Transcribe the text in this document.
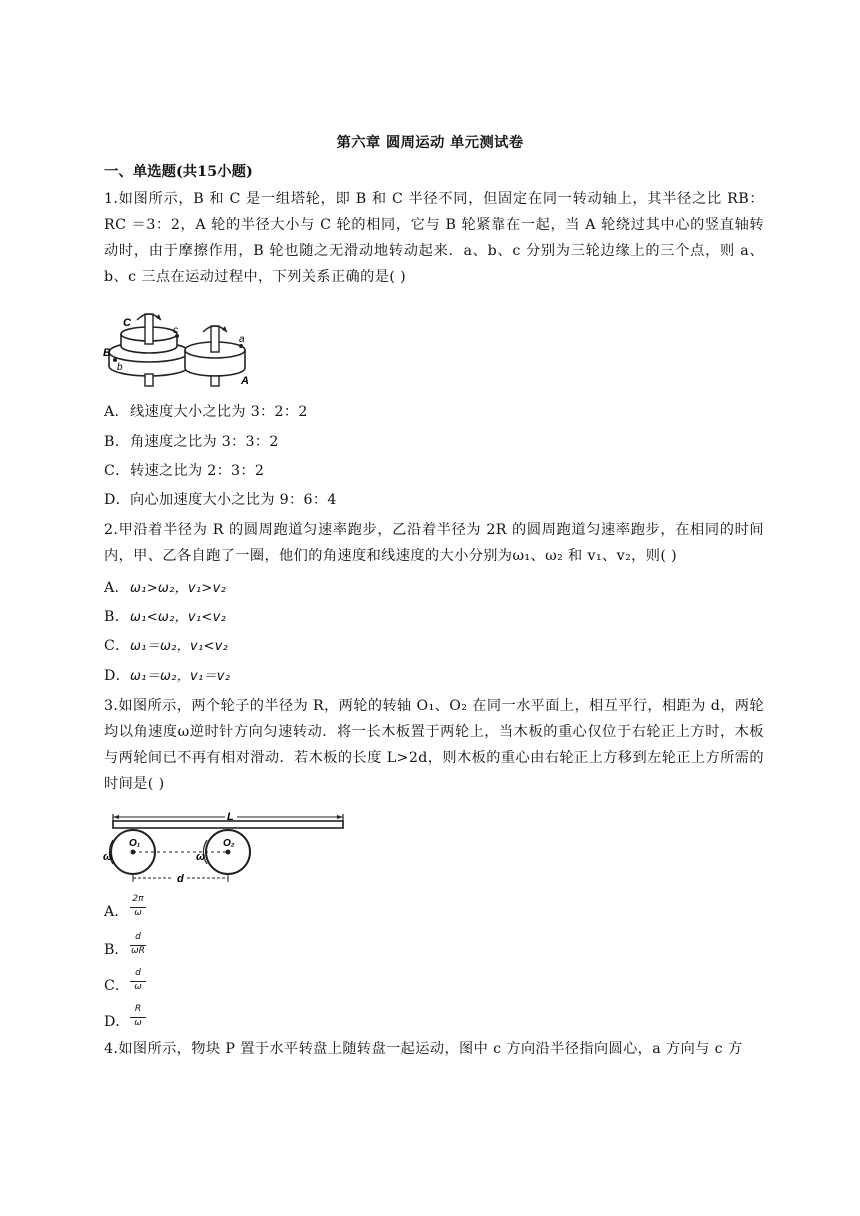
第六章 圆周运动 单元测试卷
一、单选题(共15小题)
1.如图所示，B 和 C 是一组塔轮，即 B 和 C 半径不同，但固定在同一转动轴上，其半径之比 RB：RC ＝3：2，A 轮的半径大小与 C 轮的相同，它与 B 轮紧靠在一起，当 A 轮绕过其中心的竖直轴转动时，由于摩擦作用，B 轮也随之无滑动地转动起来．a、b、c 分别为三轮边缘上的三个点，则 a、b、c 三点在运动过程中，下列关系正确的是( )
C
c
B
b
a
A
A．线速度大小之比为 3：2：2
B．角速度之比为 3：3：2
C．转速之比为 2：3：2
D．向心加速度大小之比为 9：6：4
2.甲沿着半径为 R 的圆周跑道匀速率跑步，乙沿着半径为 2R 的圆周跑道匀速率跑步，在相同的时间内，甲、乙各自跑了一圈，他们的角速度和线速度的大小分别为ω₁、ω₂ 和 v₁、v₂，则( )
A．ω₁>ω₂，v₁>v₂
B．ω₁<ω₂，v₁<v₂
C．ω₁＝ω₂，v₁<v₂
D．ω₁＝ω₂，v₁＝v₂
3.如图所示，两个轮子的半径为 R，两轮的转轴 O₁、O₂ 在同一水平面上，相互平行，相距为 d，两轮均以角速度ω逆时针方向匀速转动．将一长木板置于两轮上，当木板的重心仅位于右轮正上方时，木板与两轮间已不再有相对滑动．若木板的长度 L>2d，则木板的重心由右轮正上方移到左轮正上方所需的时间是( )
L
O₁	O₂
ω	ω
d
A．
2π
ω
B．
d
ωR
C．
d
ω
D．
R
ω
4.如图所示，物块 P 置于水平转盘上随转盘一起运动，图中 c 方向沿半径指向圆心，a 方向与 c 方
